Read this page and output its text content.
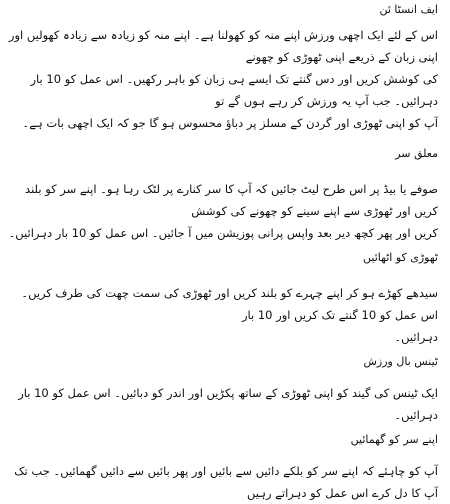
ایف انسٹا ئن

اس کے لئے ایک اچھی ورزش اپنے منہ کو کھولنا ہے۔ اپنے منہ کو زیادہ سے زیادہ کھولیں اور اپنی زبان کے ذریعے اپنی ٹھوڑی کو چھونے

کی کوشش کریں اور دس گنتے تک ایسے ہی زبان کو باہر رکھیں۔ اس عمل کو 10 بار دہرائیں۔ جب آپ یہ ورزش کر رہے ہوں گے تو

آپ کو اپنی ٹھوڑی اور گردن کے مسلز پر دباؤ محسوس ہو گا جو کہ ایک اچھی بات ہے۔

معلق سر

صوفے یا بیڈ پر اس طرح لیٹ جائیں کہ آپ کا سر کنارے پر لٹک رہا ہو۔ اپنے سر کو بلند کریں اور ٹھوڑی سے اپنے سینے کو چھونے کی کوشش

کریں اور پھر کچھ دیر بعد واپس پرانی پوزیشن میں آ جائیں۔ اس عمل کو 10 بار دہرائیں۔

ٹھوڑی کو اٹھائیں

سیدھے کھڑے ہو کر اپنے چہرے کو بلند کریں اور ٹھوڑی کی سمت چھت کی طرف کریں۔ اس عمل کو 10 گنتے تک کریں اور 10 بار

دہرائیں۔

ٹینس بال ورزش

ایک ٹینس کی گیند کو اپنی ٹھوڑی کے ساتھ پکڑیں اور اندر کو دبائیں۔ اس عمل کو 10 بار دہرائیں۔

اپنے سر کو گھمائیں

آپ کو چاہئے کہ اپنے سر کو بلکے دائیں سے بائیں اور پھر بائیں سے دائیں گھمائیں۔ جب تک آپ کا دل کرے اس عمل کو دہراتے رہیں
